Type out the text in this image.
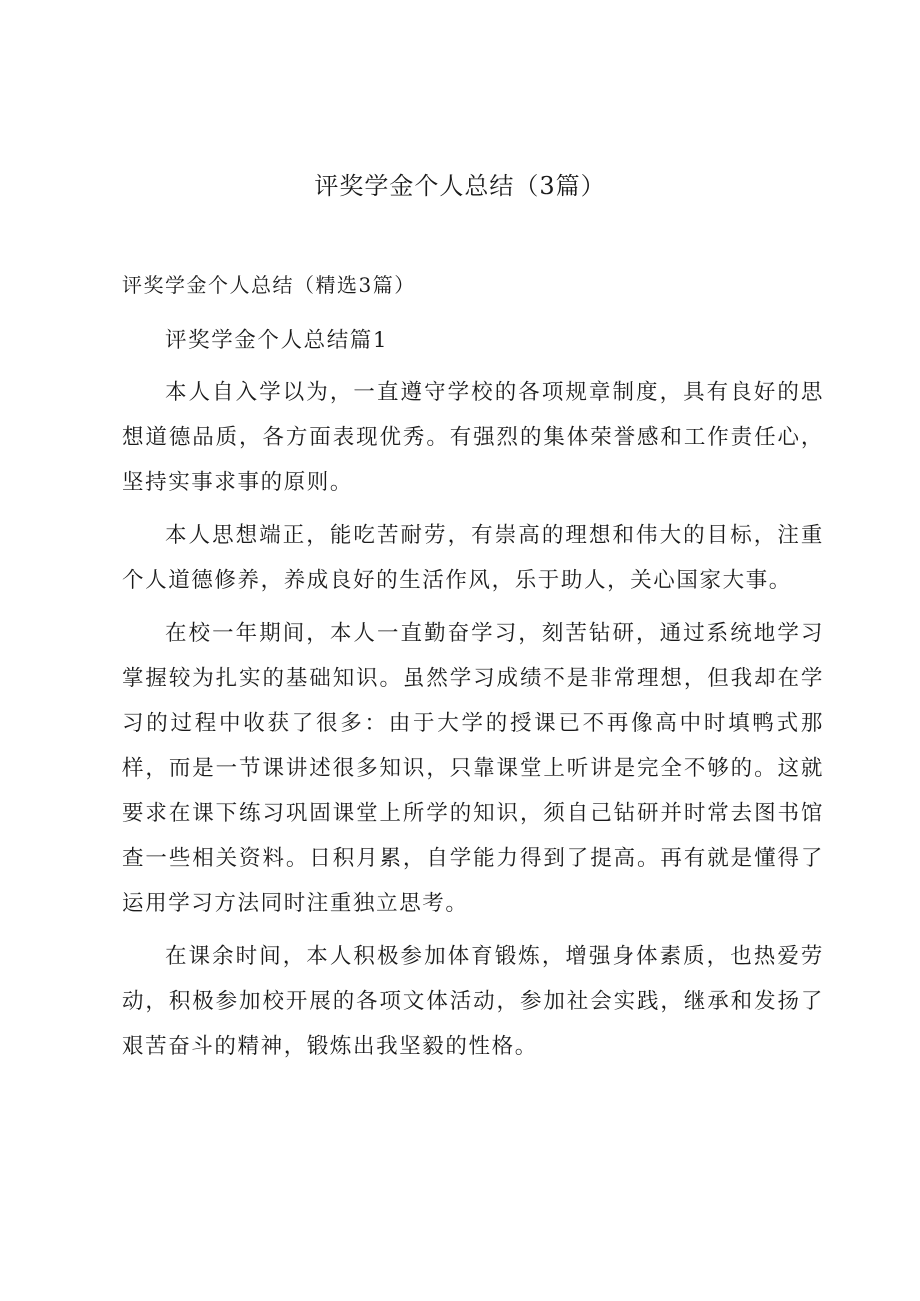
评奖学金个人总结（3篇）
评奖学金个人总结（精选3篇）

评奖学金个人总结篇1

本人自入学以为，一直遵守学校的各项规章制度，具有良好的思想道德品质，各方面表现优秀。有强烈的集体荣誉感和工作责任心，坚持实事求事的原则。

本人思想端正，能吃苦耐劳，有崇高的理想和伟大的目标，注重个人道德修养，养成良好的生活作风，乐于助人，关心国家大事。

在校一年期间，本人一直勤奋学习，刻苦钻研，通过系统地学习掌握较为扎实的基础知识。虽然学习成绩不是非常理想，但我却在学习的过程中收获了很多：由于大学的授课已不再像高中时填鸭式那样，而是一节课讲述很多知识，只靠课堂上听讲是完全不够的。这就要求在课下练习巩固课堂上所学的知识，须自己钻研并时常去图书馆查一些相关资料。日积月累，自学能力得到了提高。再有就是懂得了运用学习方法同时注重独立思考。

在课余时间，本人积极参加体育锻炼，增强身体素质，也热爱劳动，积极参加校开展的各项文体活动，参加社会实践，继承和发扬了艰苦奋斗的精神，锻炼出我坚毅的性格。
